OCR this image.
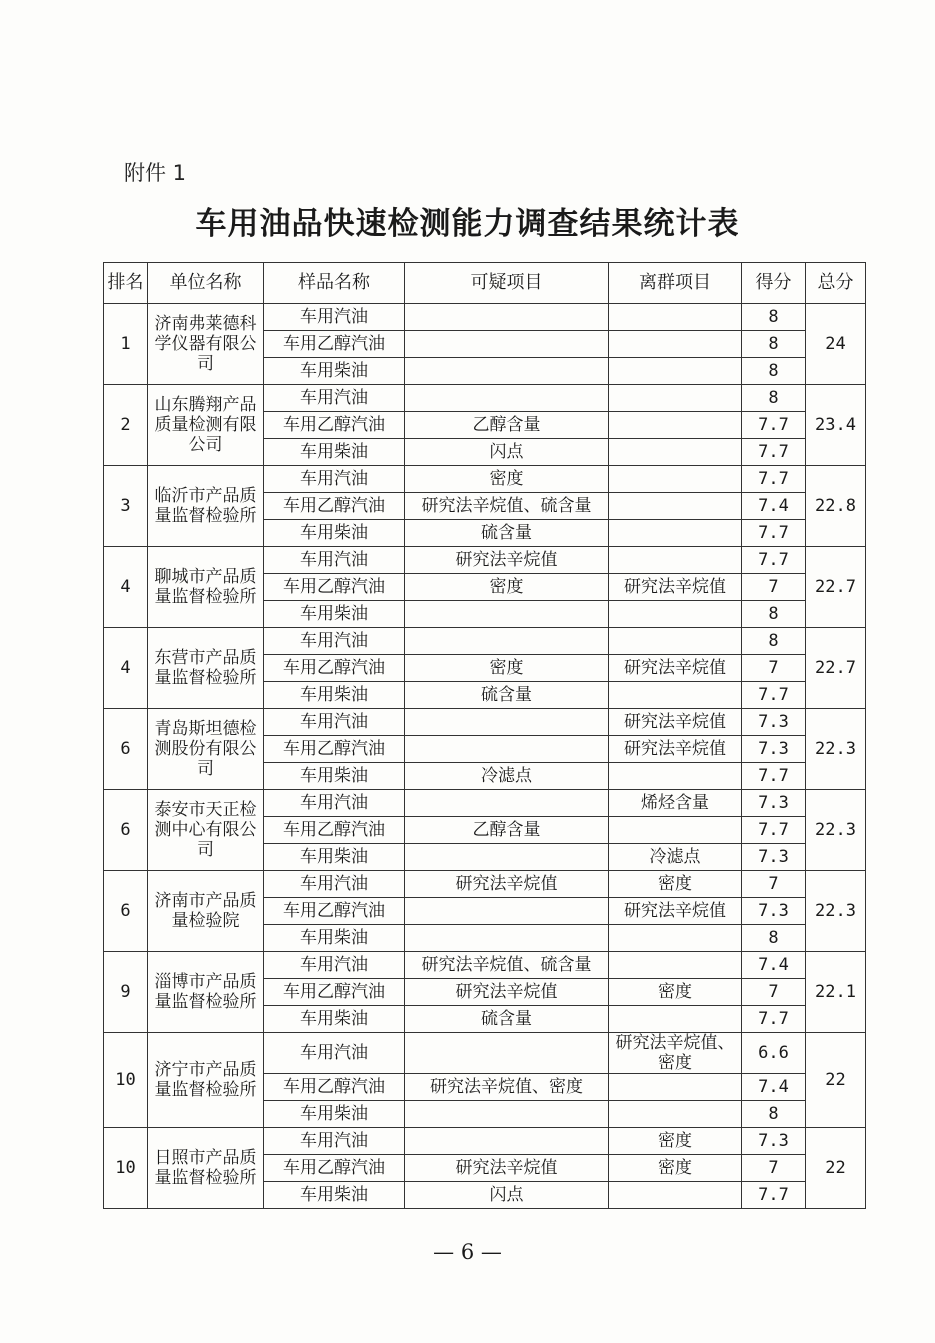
附件 1
车用油品快速检测能力调查结果统计表
排名	单位名称	样品名称	可疑项目	离群项目	得分	总分
1	济南弗莱德科学仪器有限公司	车用汽油			8	24
		车用乙醇汽油			8	
		车用柴油			8	
2	山东腾翔产品质量检测有限公司	车用汽油			8	23.4
		车用乙醇汽油	乙醇含量		7.7	
		车用柴油	闪点		7.7	
3	临沂市产品质量监督检验所	车用汽油	密度		7.7	22.8
		车用乙醇汽油	研究法辛烷值、硫含量		7.4	
		车用柴油	硫含量		7.7	
4	聊城市产品质量监督检验所	车用汽油	研究法辛烷值		7.7	22.7
		车用乙醇汽油	密度	研究法辛烷值	7	
		车用柴油			8	
4	东营市产品质量监督检验所	车用汽油			8	22.7
		车用乙醇汽油	密度	研究法辛烷值	7	
		车用柴油	硫含量		7.7	
6	青岛斯坦德检测股份有限公司	车用汽油		研究法辛烷值	7.3	22.3
		车用乙醇汽油		研究法辛烷值	7.3	
		车用柴油	冷滤点		7.7	
6	泰安市天正检测中心有限公司	车用汽油		烯烃含量	7.3	22.3
		车用乙醇汽油	乙醇含量		7.7	
		车用柴油		冷滤点	7.3	
6	济南市产品质量检验院	车用汽油	研究法辛烷值	密度	7	22.3
		车用乙醇汽油		研究法辛烷值	7.3	
		车用柴油			8	
9	淄博市产品质量监督检验所	车用汽油	研究法辛烷值、硫含量		7.4	22.1
		车用乙醇汽油	研究法辛烷值	密度	7	
		车用柴油	硫含量		7.7	
10	济宁市产品质量监督检验所	车用汽油		研究法辛烷值、密度	6.6	22
		车用乙醇汽油	研究法辛烷值、密度		7.4	
		车用柴油			8	
10	日照市产品质量监督检验所	车用汽油		密度	7.3	22
		车用乙醇汽油	研究法辛烷值	密度	7	
		车用柴油	闪点		7.7	
— 6 —
